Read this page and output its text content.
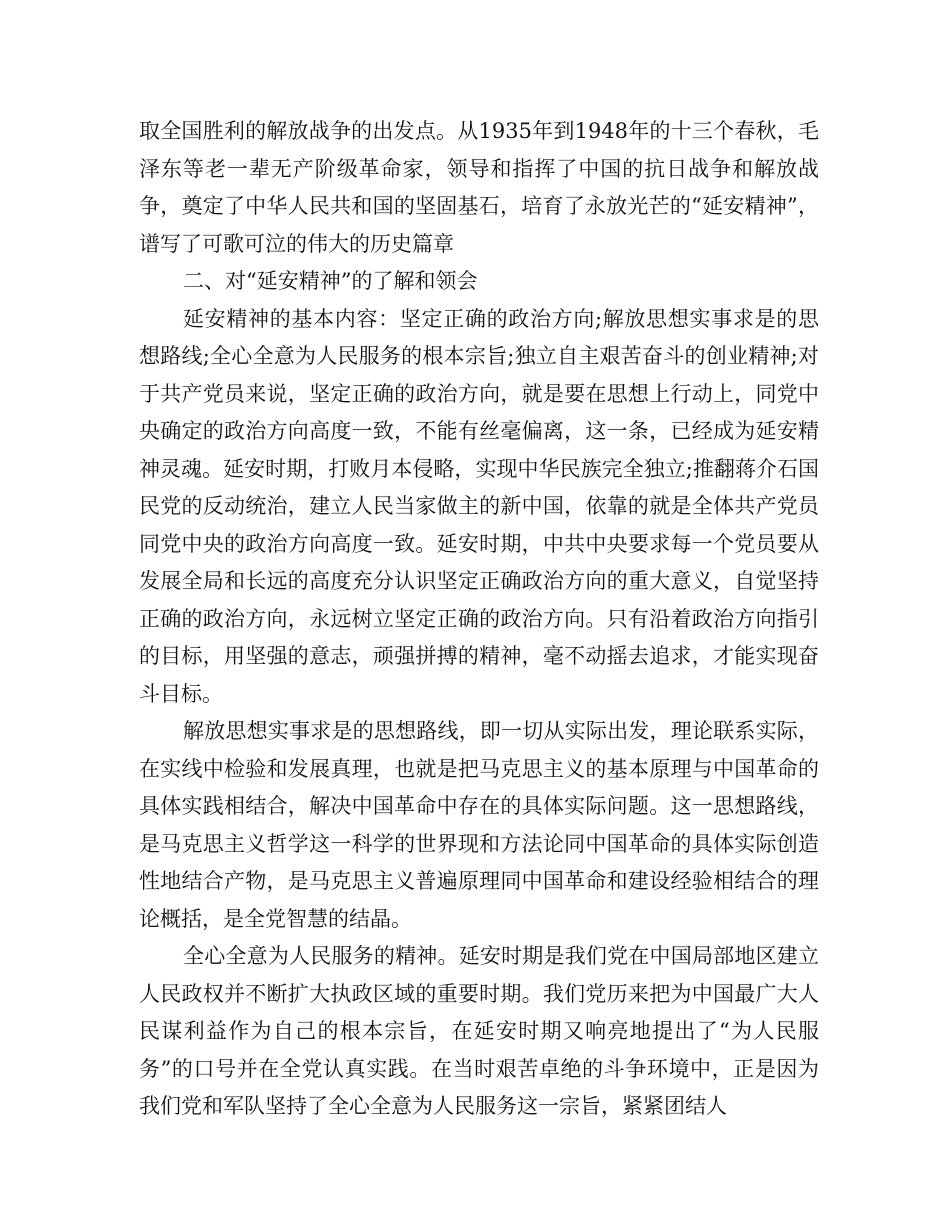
取全国胜利的解放战争的出发点。从1935年到1948年的十三个春秋，毛泽东等老一辈无产阶级革命家，领导和指挥了中国的抗日战争和解放战争，奠定了中华人民共和国的坚固基石，培育了永放光芒的“延安精神”，谱写了可歌可泣的伟大的历史篇章

二、对“延安精神”的了解和领会

延安精神的基本内容：坚定正确的政治方向;解放思想实事求是的思想路线;全心全意为人民服务的根本宗旨;独立自主艰苦奋斗的创业精神;对于共产党员来说，坚定正确的政治方向，就是要在思想上行动上，同党中央确定的政治方向高度一致，不能有丝毫偏离，这一条，已经成为延安精神灵魂。延安时期，打败月本侵略，实现中华民族完全独立;推翻蒋介石国民党的反动统治，建立人民当家做主的新中国，依靠的就是全体共产党员同党中央的政治方向高度一致。延安时期，中共中央要求每一个党员要从发展全局和长远的高度充分认识坚定正确政治方向的重大意义，自觉坚持正确的政治方向，永远树立坚定正确的政治方向。只有沿着政治方向指引的目标，用坚强的意志，顽强拼搏的精神，毫不动摇去追求，才能实现奋斗目标。

解放思想实事求是的思想路线，即一切从实际出发，理论联系实际，在实线中检验和发展真理，也就是把马克思主义的基本原理与中国革命的具体实践相结合，解决中国革命中存在的具体实际问题。这一思想路线，是马克思主义哲学这一科学的世界现和方法论同中国革命的具体实际创造性地结合产物，是马克思主义普遍原理同中国革命和建设经验相结合的理论概括，是全党智慧的结晶。

全心全意为人民服务的精神。延安时期是我们党在中国局部地区建立人民政权并不断扩大执政区域的重要时期。我们党历来把为中国最广大人民谋利益作为自己的根本宗旨，在延安时期又响亮地提出了“为人民服务”的口号并在全党认真实践。在当时艰苦卓绝的斗争环境中，正是因为我们党和军队坚持了全心全意为人民服务这一宗旨，紧紧团结人
